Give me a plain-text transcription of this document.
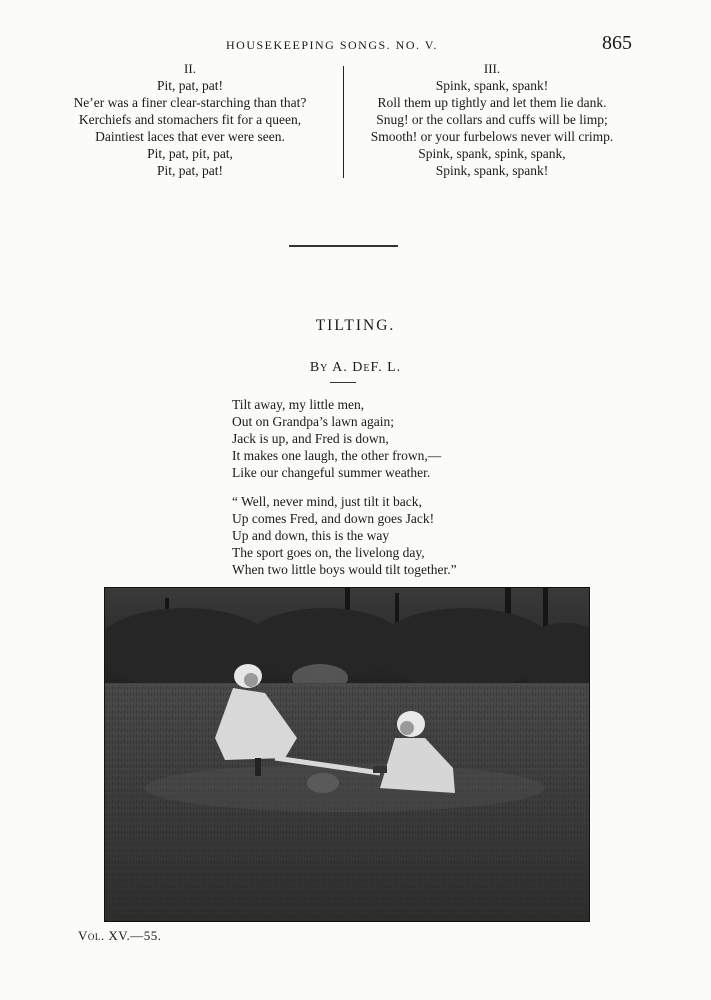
HOUSEKEEPING SONGS. NO. V.	865
II.
Pit, pat, pat!
Ne’er was a finer clear-starching than that?
Kerchiefs and stomachers fit for a queen,
Daintiest laces that ever were seen.
Pit, pat, pit, pat,
Pit, pat, pat!
III.
Spink, spank, spank!
Roll them up tightly and let them lie dank.
Snug! or the collars and cuffs will be limp;
Smooth! or your furbelows never will crimp.
Spink, spank, spink, spank,
Spink, spank, spank!
TILTING.
By A. DeF. L.
Tilt away, my little men,
Out on Grandpa’s lawn again;
Jack is up, and Fred is down,
It makes one laugh, the other frown,—
Like our changeful summer weather.
“ Well, never mind, just tilt it back,
Up comes Fred, and down goes Jack!
Up and down, this is the way
The sport goes on, the livelong day,
When two little boys would tilt together.”
Vol. XV.—55.
